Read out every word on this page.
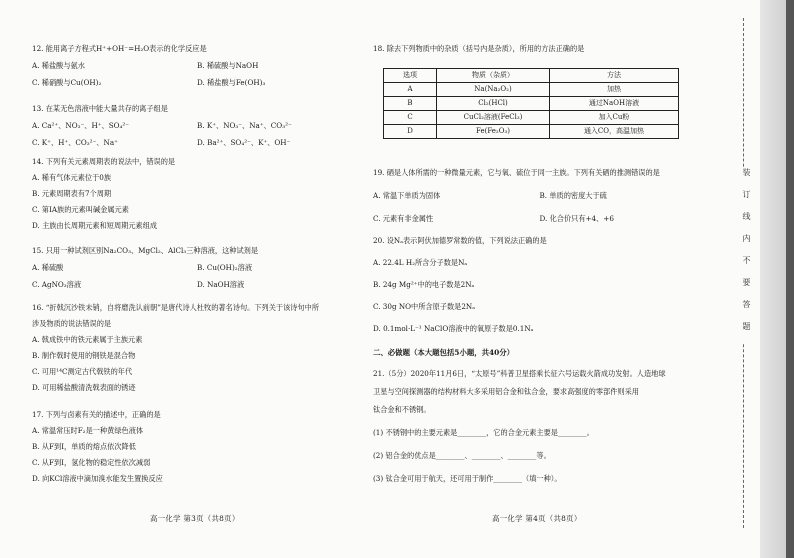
12. 能用离子方程式H⁺+OH⁻=H₂O表示的化学反应是
A. 稀盐酸与氨水	B. 稀硫酸与NaOH
C. 稀硝酸与Cu(OH)₂	D. 稀盐酸与Fe(OH)₃
13. 在某无色溶液中能大量共存的离子组是
A. Ca²⁺、NO₃⁻、H⁺、SO₄²⁻	B. K⁺、NO₃⁻、Na⁺、CO₃²⁻
C. K⁺、H⁺、CO₃²⁻、Na⁺	D. Ba²⁺、SO₄²⁻、K⁺、OH⁻
14. 下列有关元素周期表的说法中，错误的是
A. 稀有气体元素位于0族
B. 元素周期表有7个周期
C. 第IA族的元素叫碱金属元素
D. 主族由长周期元素和短周期元素组成
15. 只用一种试剂区别Na₂CO₃、MgCl₂、AlCl₃三种溶液，这种试剂是
A. 稀硫酸	B. Cu(OH)₂溶液
C. AgNO₃溶液	D. NaOH溶液
16. “折戟沉沙铁未销，自将磨洗认前朝”是唐代诗人杜牧的著名诗句。下列关于该诗句中所
涉及物质的说法错误的是
A. 戟成铁中的铁元素属于主族元素
B. 制作戟时使用的钢铁是混合物
C. 可用¹⁴C测定古代戟铁的年代
D. 可用稀盐酸清洗戟表面的锈迹
17. 下列与卤素有关的描述中，正确的是
A. 常温常压时F₂是一种黄绿色液体
B. 从F到I，单质的熔点依次降低
C. 从F到I，氢化物的稳定性依次减弱
D. 向KCl溶液中滴加溴水能发生置换反应
高一化学 第3页（共8页）
18. 除去下列物质中的杂质（括号内是杂质），所用的方法正确的是
选项	物质（杂质）	方法
A	Na(Na₂O₂)	加热
B	Cl₂(HCl)	通过NaOH溶液
C	CuCl₂溶液(FeCl₃)	加入Cu粉
D	Fe(Fe₂O₃)	通入CO，高温加热
19. 硒是人体所需的一种微量元素，它与氧、硫位于同一主族。下列有关硒的推测错误的是
A. 常温下单质为固体	B. 单质的密度大于硫
C. 元素有非金属性	D. 化合价只有+4、+6
20. 设Nₐ表示阿伏加德罗常数的值，下列说法正确的是
A. 22.4L H₂所含分子数是Nₐ
B. 24g Mg²⁺中的电子数是2Nₐ
C. 30g NO中所含原子数是2Nₐ
D. 0.1mol·L⁻¹ NaClO溶液中的氧原子数是0.1Nₐ
二、必做题（本大题包括5小题，共40分）
21.（5分）2020年11月6日，“太原号”科普卫星搭乘长征六号运载火箭成功发射。人造地球
卫星与空间探测器的结构材料大多采用铝合金和钛合金，要求高强度的零部件则采用
钛合金和不锈钢。
(1) 不锈钢中的主要元素是________，它的合金元素主要是________。
(2) 铝合金的优点是________、________、________等。
(3) 钛合金可用于航天，还可用于制作________（填一种）。
高一化学 第4页（共8页）
装订线内不要答题
